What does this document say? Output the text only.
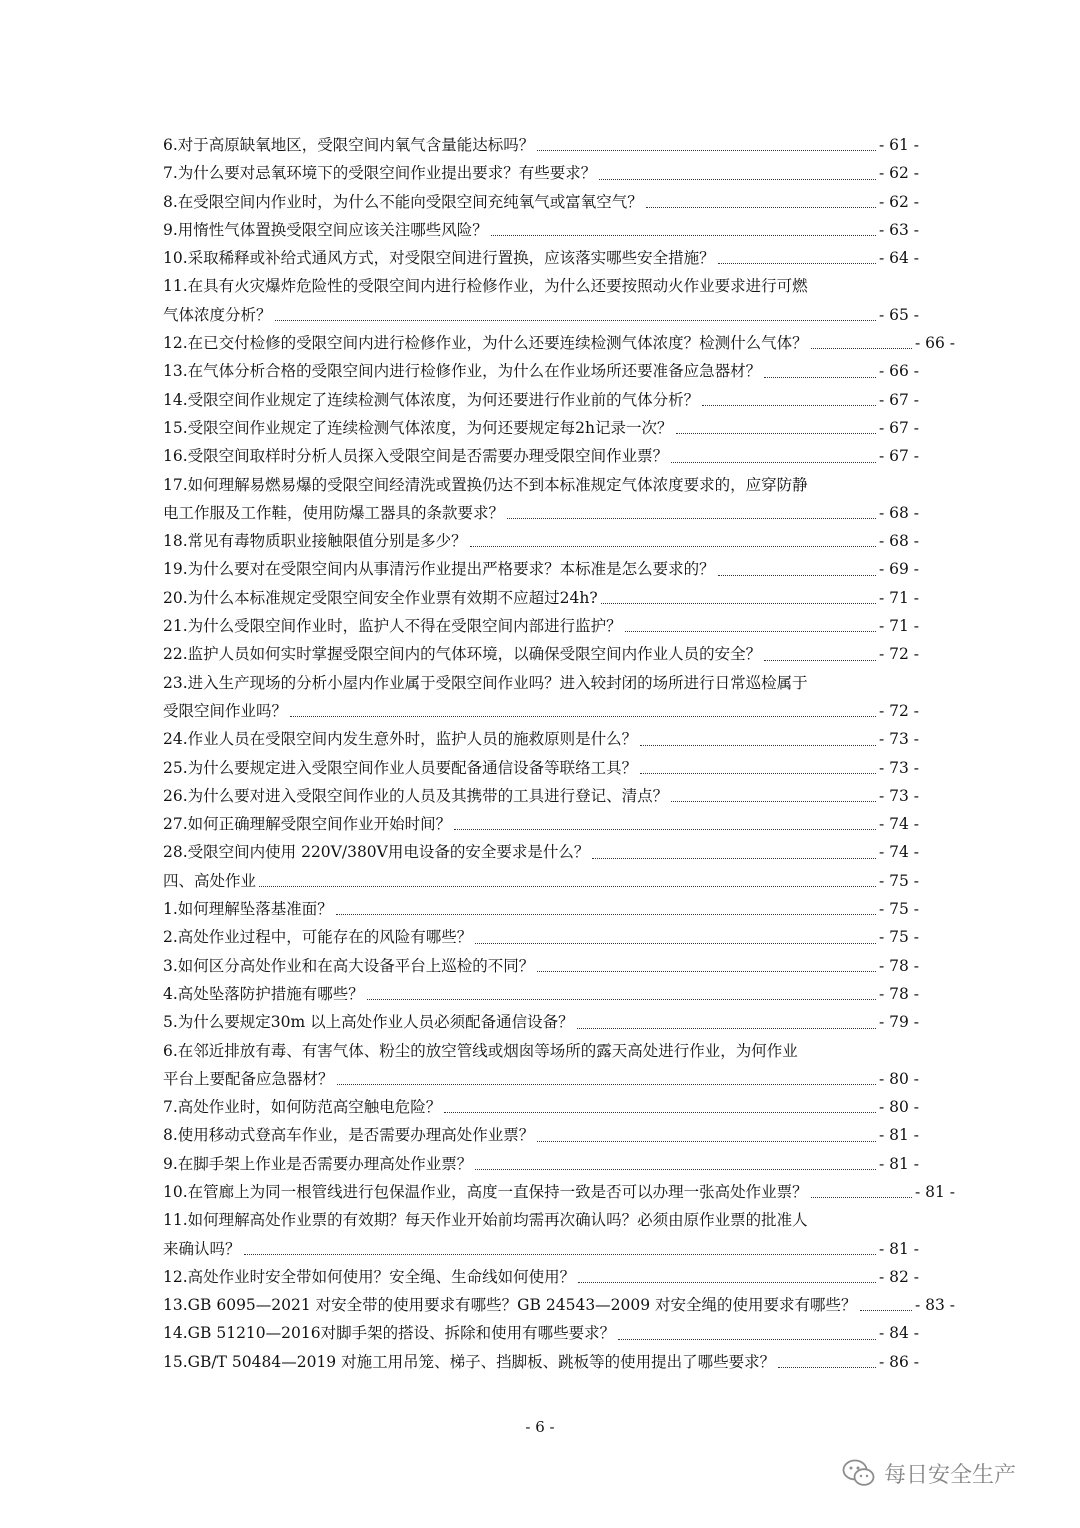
6.对于高原缺氧地区，受限空间内氧气含量能达标吗？	- 61 -
7.为什么要对忌氧环境下的受限空间作业提出要求？有些要求？	- 62 -
8.在受限空间内作业时，为什么不能向受限空间充纯氧气或富氧空气？	- 62 -
9.用惰性气体置换受限空间应该关注哪些风险？	- 63 -
10.采取稀释或补给式通风方式，对受限空间进行置换，应该落实哪些安全措施？	- 64 -
11.在具有火灾爆炸危险性的受限空间内进行检修作业，为什么还要按照动火作业要求进行可燃
气体浓度分析？	- 65 -
12.在已交付检修的受限空间内进行检修作业，为什么还要连续检测气体浓度？检测什么气体？	- 66 -
13.在气体分析合格的受限空间内进行检修作业，为什么在作业场所还要准备应急器材？	- 66 -
14.受限空间作业规定了连续检测气体浓度，为何还要进行作业前的气体分析？	- 67 -
15.受限空间作业规定了连续检测气体浓度，为何还要规定每2h记录一次？	- 67 -
16.受限空间取样时分析人员探入受限空间是否需要办理受限空间作业票？	- 67 -
17.如何理解易燃易爆的受限空间经清洗或置换仍达不到本标准规定气体浓度要求的，应穿防静
电工作服及工作鞋，使用防爆工器具的条款要求？	- 68 -
18.常见有毒物质职业接触限值分别是多少？	- 68 -
19.为什么要对在受限空间内从事清污作业提出严格要求？本标准是怎么要求的？	- 69 -
20.为什么本标准规定受限空间安全作业票有效期不应超过24h?	- 71 -
21.为什么受限空间作业时，监护人不得在受限空间内部进行监护？	- 71 -
22.监护人员如何实时掌握受限空间内的气体环境，以确保受限空间内作业人员的安全？	- 72 -
23.进入生产现场的分析小屋内作业属于受限空间作业吗？进入较封闭的场所进行日常巡检属于
受限空间作业吗？	- 72 -
24.作业人员在受限空间内发生意外时，监护人员的施救原则是什么？	- 73 -
25.为什么要规定进入受限空间作业人员要配备通信设备等联络工具？	- 73 -
26.为什么要对进入受限空间作业的人员及其携带的工具进行登记、清点？	- 73 -
27.如何正确理解受限空间作业开始时间？	- 74 -
28.受限空间内使用 220V/380V用电设备的安全要求是什么？	- 74 -
四、高处作业	- 75 -
1.如何理解坠落基准面？	- 75 -
2.高处作业过程中，可能存在的风险有哪些？	- 75 -
3.如何区分高处作业和在高大设备平台上巡检的不同？	- 78 -
4.高处坠落防护措施有哪些？	- 78 -
5.为什么要规定30m 以上高处作业人员必须配备通信设备？	- 79 -
6.在邻近排放有毒、有害气体、粉尘的放空管线或烟囱等场所的露天高处进行作业，为何作业
平台上要配备应急器材？	- 80 -
7.高处作业时，如何防范高空触电危险？	- 80 -
8.使用移动式登高车作业，是否需要办理高处作业票？	- 81 -
9.在脚手架上作业是否需要办理高处作业票？	- 81 -
10.在管廊上为同一根管线进行包保温作业，高度一直保持一致是否可以办理一张高处作业票？	- 81 -
11.如何理解高处作业票的有效期？每天作业开始前均需再次确认吗？必须由原作业票的批准人
来确认吗？	- 81 -
12.高处作业时安全带如何使用？安全绳、生命线如何使用？	- 82 -
13.GB 6095—2021 对安全带的使用要求有哪些？GB 24543—2009 对安全绳的使用要求有哪些？	- 83 -
14.GB 51210—2016对脚手架的搭设、拆除和使用有哪些要求？	- 84 -
15.GB/T 50484—2019 对施工用吊笼、梯子、挡脚板、跳板等的使用提出了哪些要求？	- 86 -
- 6 -
每日安全生产
